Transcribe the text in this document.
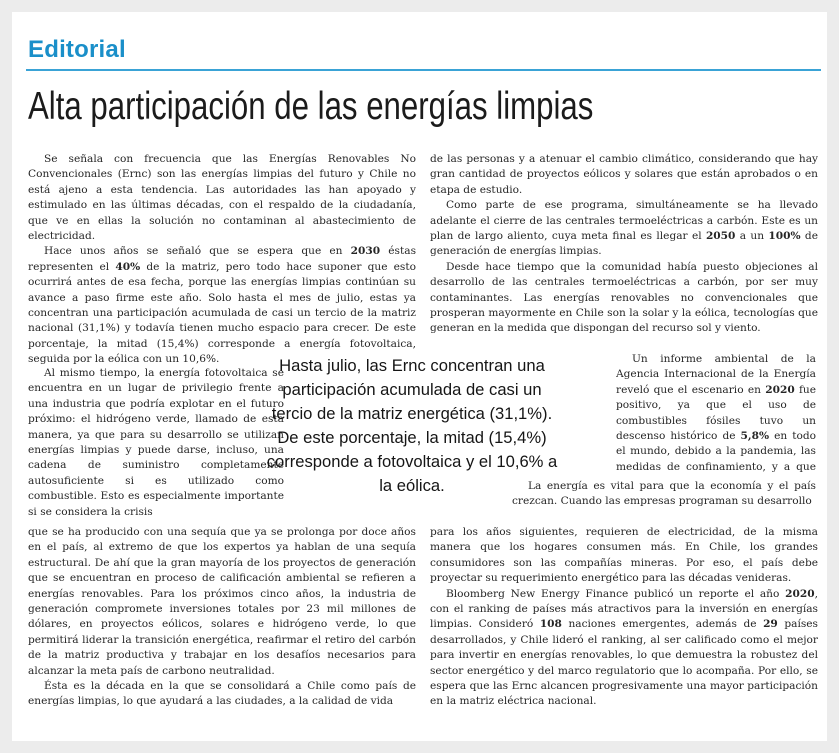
Editorial
Alta participación de las energías limpias

Se señala con frecuencia que las Energías Renovables No Convencionales (Ernc) son las energías limpias del futuro y Chile no está ajeno a esta tendencia. Las autoridades las han apoyado y estimulado en las últimas décadas, con el respaldo de la ciudadanía, que ve en ellas la solución no contaminan al abastecimiento de electricidad.

Hace unos años se señaló que se espera que en 2030 éstas representen el 40% de la matriz, pero todo hace suponer que esto ocurrirá antes de esa fecha, porque las energías limpias continúan su avance a paso firme este año. Solo hasta el mes de julio, estas ya concentran una participación acumulada de casi un tercio de la matriz nacional (31,1%) y todavía tienen mucho espacio para crecer. De este porcentaje, la mitad (15,4%) corresponde a energía fotovoltaica, seguida por la eólica con un 10,6%.

de las personas y a atenuar el cambio climático, considerando que hay gran cantidad de proyectos eólicos y solares que están aprobados o en etapa de estudio.

Como parte de ese programa, simultáneamente se ha llevado adelante el cierre de las centrales termoeléctricas a carbón. Este es un plan de largo aliento, cuya meta final es llegar el 2050 a un 100% de generación de energías limpias.

Desde hace tiempo que la comunidad había puesto objeciones al desarrollo de las centrales termoeléctricas a carbón, por ser muy contaminantes. Las energías renovables no convencionales que prosperan mayormente en Chile son la solar y la eólica, tecnologías que generan en la medida que dispongan del recurso sol y viento.

Al mismo tiempo, la energía fotovoltaica se encuentra en un lugar de privilegio frente a una industria que podría explotar en el futuro próximo: el hidrógeno verde, llamado de esta manera, ya que para su desarrollo se utilizan energías limpias y puede darse, incluso, una cadena de suministro completamente autosuficiente si es utilizado como combustible. Esto es especialmente importante si se considera la crisis

Hasta julio, las Ernc concentran una participación acumulada de casi un tercio de la matriz energética (31,1%). De este porcentaje, la mitad (15,4%) corresponde a fotovoltaica y el 10,6% a la eólica.

Un informe ambiental de la Agencia Internacional de la Energía reveló que el escenario en 2020 fue positivo, ya que el uso de combustibles fósiles tuvo un descenso histórico de 5,8% en todo el mundo, debido a la pandemia, las medidas de confinamiento, y a que

La energía es vital para que la economía y el país crezcan. Cuando las empresas programan su desarrollo

que se ha producido con una sequía que ya se prolonga por doce años en el país, al extremo de que los expertos ya hablan de una sequía estructural. De ahí que la gran mayoría de los proyectos de generación que se encuentran en proceso de calificación ambiental se refieren a energías renovables. Para los próximos cinco años, la industria de generación compromete inversiones totales por 23 mil millones de dólares, en proyectos eólicos, solares e hidrógeno verde, lo que permitirá liderar la transición energética, reafirmar el retiro del carbón de la matriz productiva y trabajar en los desafíos necesarios para alcanzar la meta país de carbono neutralidad.

Ésta es la década en la que se consolidará a Chile como país de energías limpias, lo que ayudará a las ciudades, a la calidad de vida

para los años siguientes, requieren de electricidad, de la misma manera que los hogares consumen más. En Chile, los grandes consumidores son las compañías mineras. Por eso, el país debe proyectar su requerimiento energético para las décadas venideras.

Bloomberg New Energy Finance publicó un reporte el año 2020, con el ranking de países más atractivos para la inversión en energías limpias. Consideró 108 naciones emergentes, además de 29 países desarrollados, y Chile lideró el ranking, al ser calificado como el mejor para invertir en energías renovables, lo que demuestra la robustez del sector energético y del marco regulatorio que lo acompaña. Por ello, se espera que las Ernc alcancen progresivamente una mayor participación en la matriz eléctrica nacional.
